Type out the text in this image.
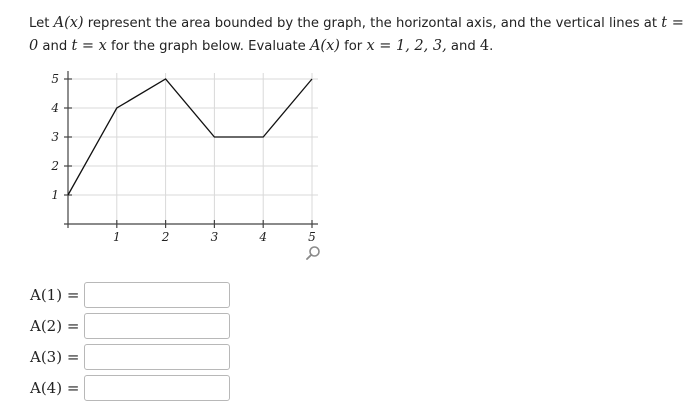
Let A(x) represent the area bounded by the graph, the horizontal axis, and the vertical lines at t = 0 and t = x for the graph below. Evaluate A(x) for x = 1, 2, 3, and 4.
1	2	3	4	5
1
2
3
4
5
A(1) =
A(2) =
A(3) =
A(4) =
